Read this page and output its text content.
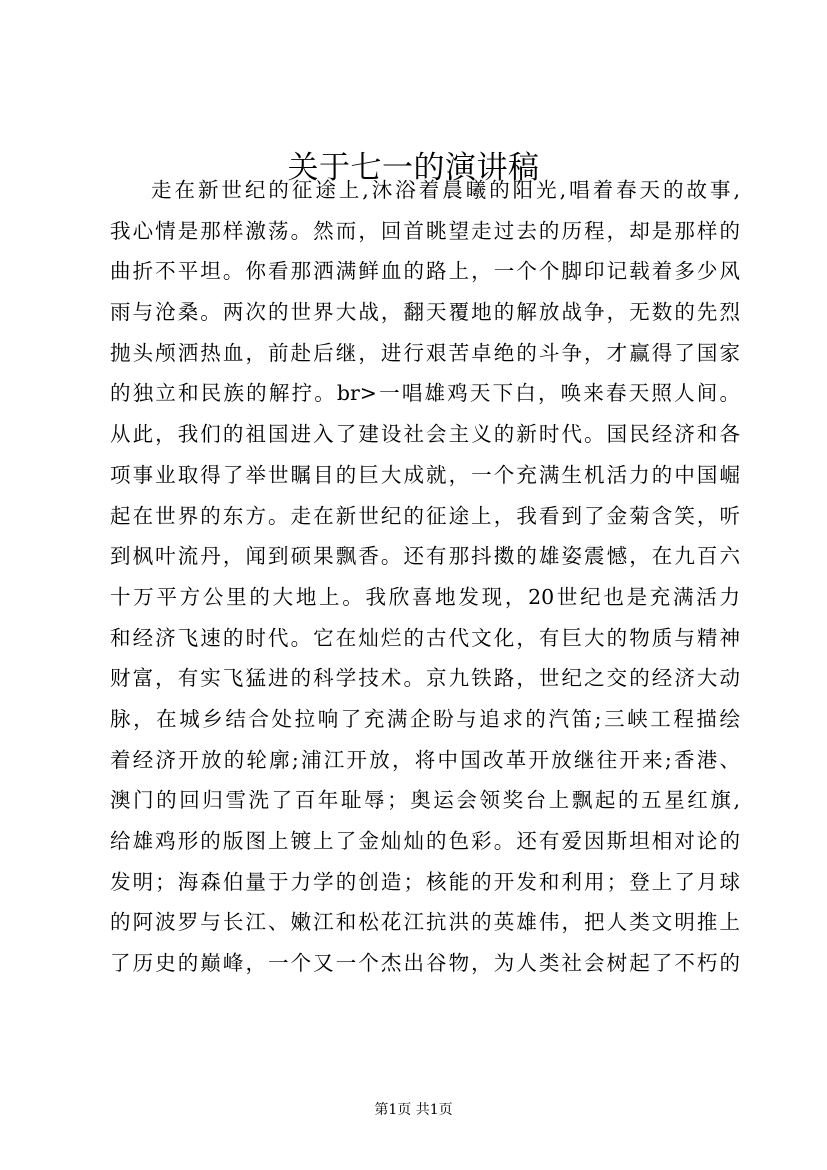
关于七一的演讲稿
走在新世纪的征途上,沐浴着晨曦的阳光,唱着春天的故事,
我心情是那样激荡。然而，回首眺望走过去的历程，却是那样的
曲折不平坦。你看那洒满鲜血的路上，一个个脚印记载着多少风
雨与沧桑。两次的世界大战，翻天覆地的解放战争，无数的先烈
抛头颅洒热血，前赴后继，进行艰苦卓绝的斗争，才赢得了国家
的独立和民族的解拧。br>一唱雄鸡天下白，唤来春天照人间。
从此，我们的祖国进入了建设社会主义的新时代。国民经济和各
项事业取得了举世瞩目的巨大成就，一个充满生机活力的中国崛
起在世界的东方。走在新世纪的征途上，我看到了金菊含笑，听
到枫叶流丹，闻到硕果飘香。还有那抖擞的雄姿震憾，在九百六
十万平方公里的大地上。我欣喜地发现，20世纪也是充满活力
和经济飞速的时代。它在灿烂的古代文化，有巨大的物质与精神
财富，有实飞猛进的科学技术。京九铁路，世纪之交的经济大动
脉，在城乡结合处拉响了充满企盼与追求的汽笛;三峡工程描绘
着经济开放的轮廓;浦江开放，将中国改革开放继往开来;香港、
澳门的回归雪洗了百年耻辱；奥运会领奖台上飘起的五星红旗,
给雄鸡形的版图上镀上了金灿灿的色彩。还有爱因斯坦相对论的
发明；海森伯量于力学的创造；核能的开发和利用；登上了月球
的阿波罗与长江、嫩江和松花江抗洪的英雄伟，把人类文明推上
了历史的巅峰，一个又一个杰出谷物，为人类社会树起了不朽的
第1页 共1页
